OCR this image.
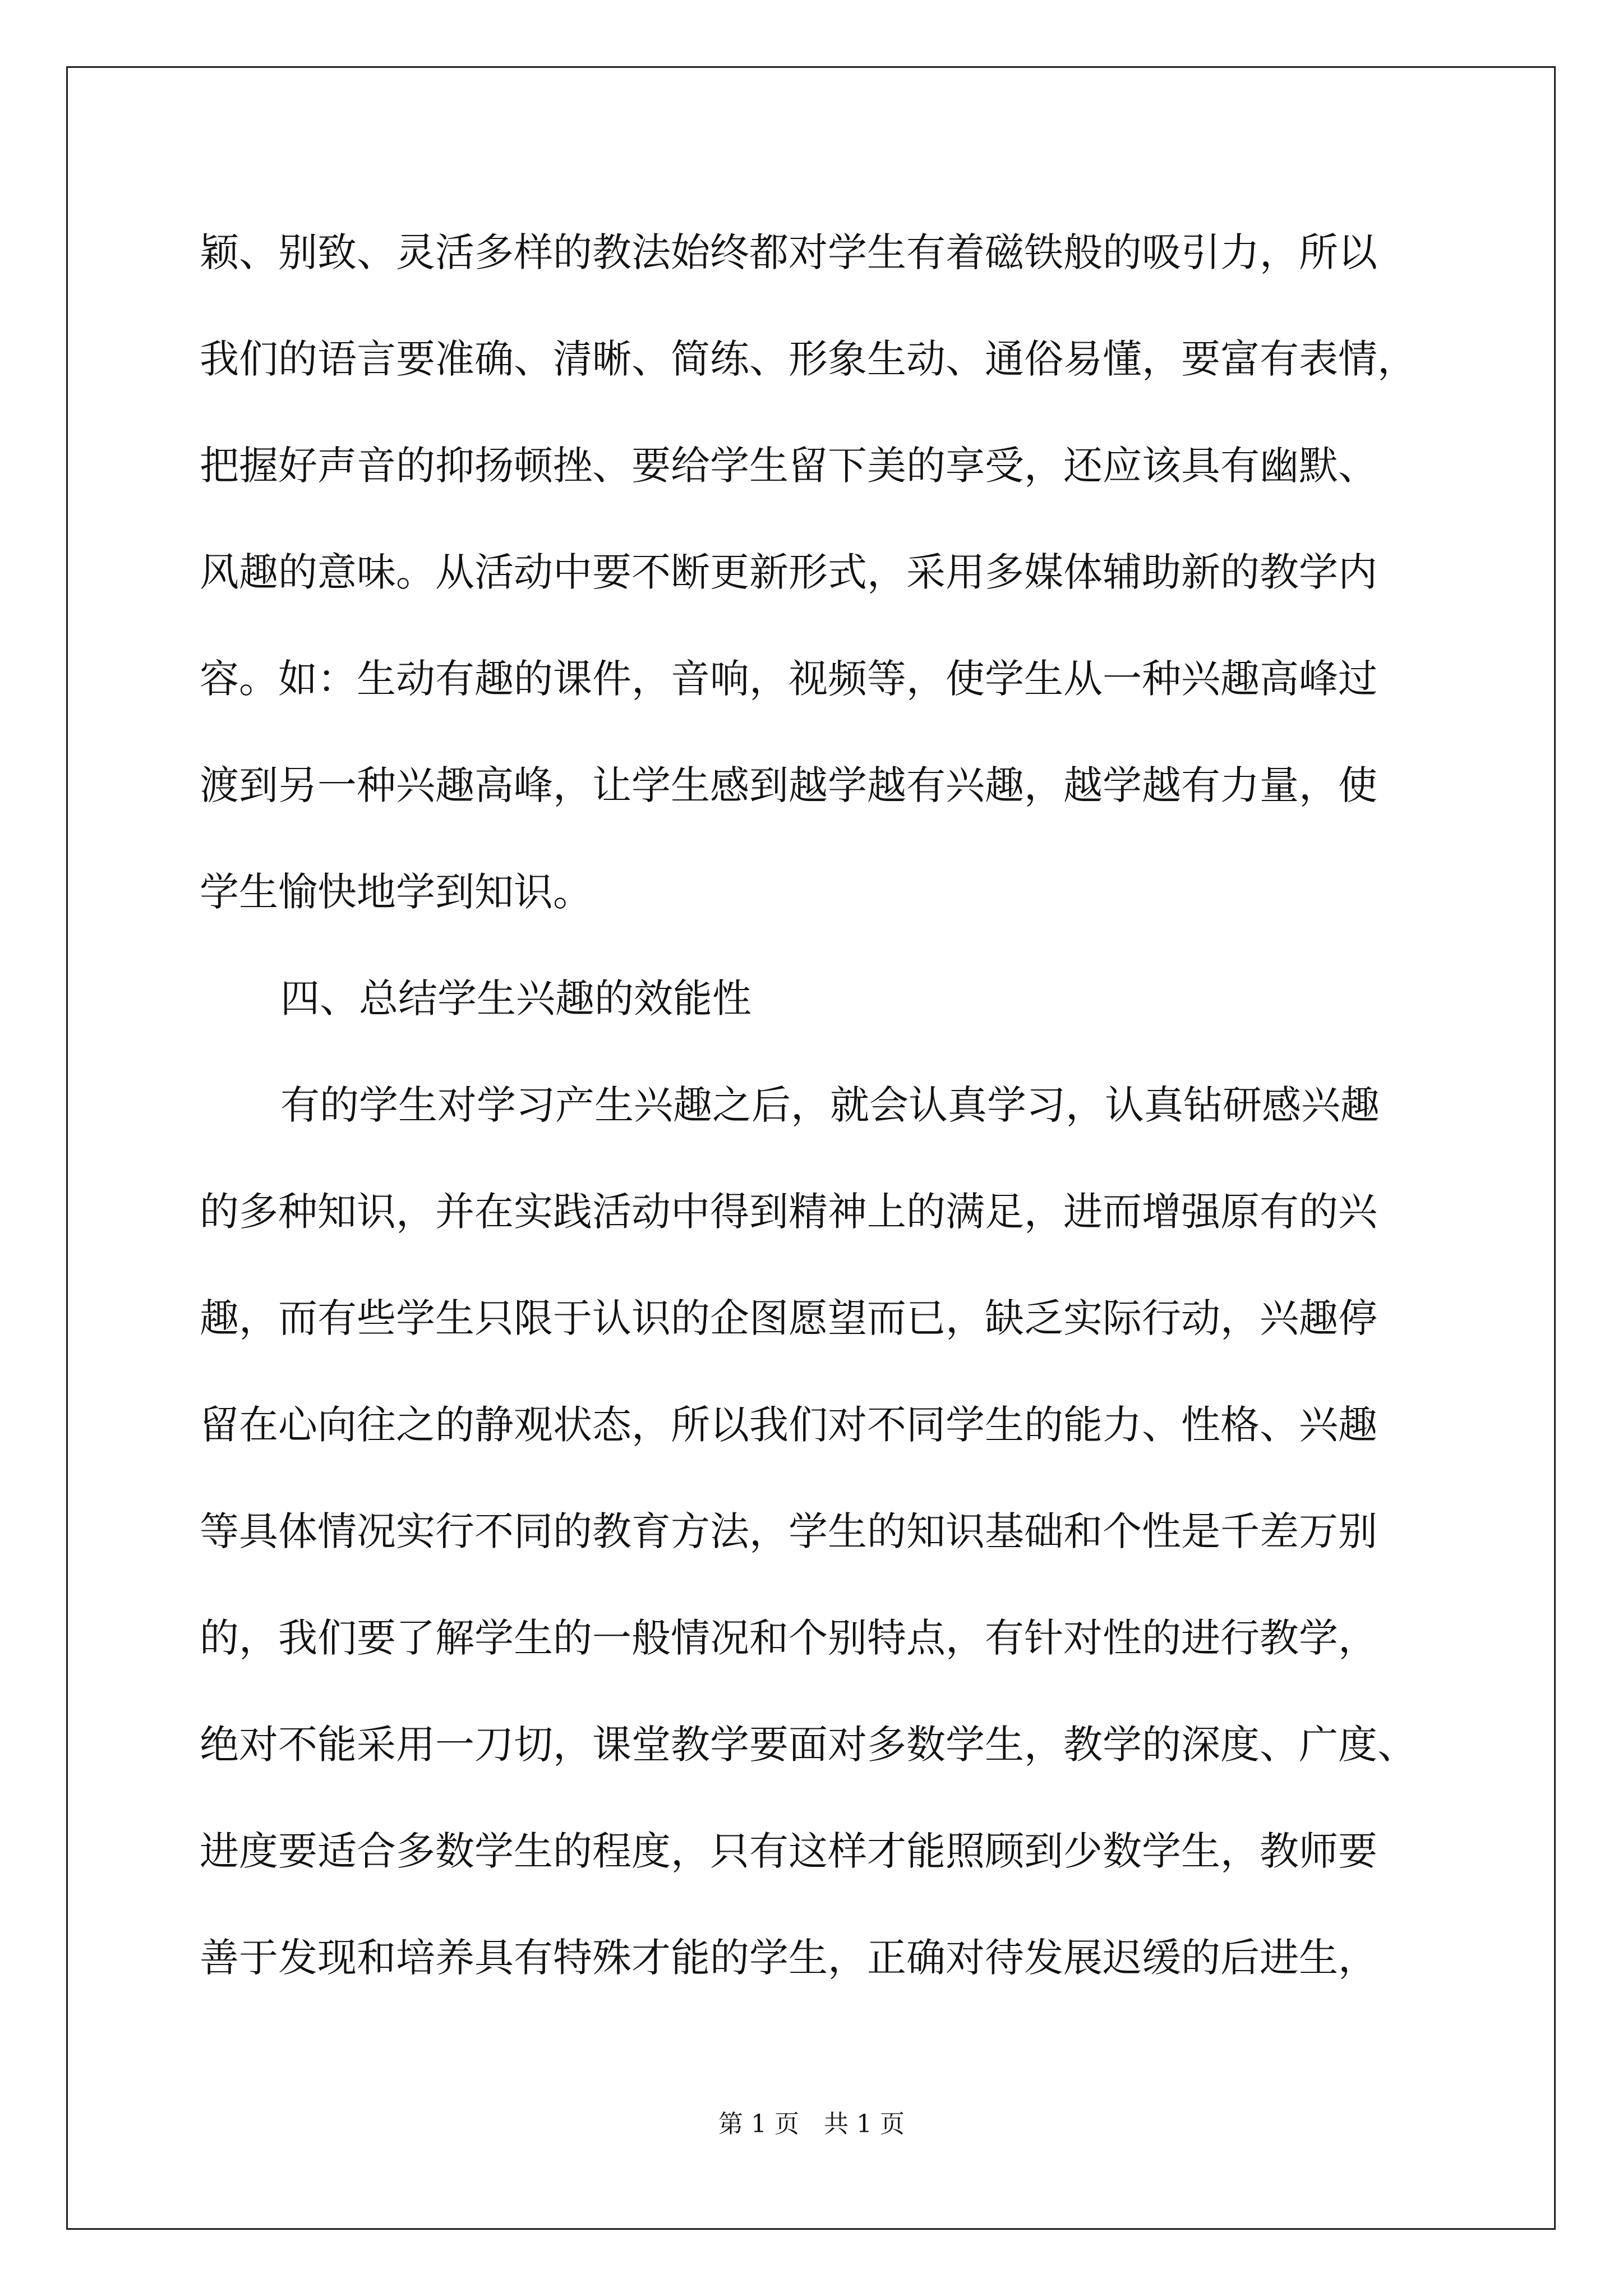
颖、别致、灵活多样的教法始终都对学生有着磁铁般的吸引力，所以
我们的语言要准确、清晰、简练、形象生动、通俗易懂，要富有表情，
把握好声音的抑扬顿挫、要给学生留下美的享受，还应该具有幽默、
风趣的意味。从活动中要不断更新形式，采用多媒体辅助新的教学内
容。如：生动有趣的课件，音响，视频等，使学生从一种兴趣高峰过
渡到另一种兴趣高峰，让学生感到越学越有兴趣，越学越有力量，使
学生愉快地学到知识。
四、总结学生兴趣的效能性
有的学生对学习产生兴趣之后，就会认真学习，认真钻研感兴趣
的多种知识，并在实践活动中得到精神上的满足，进而增强原有的兴
趣，而有些学生只限于认识的企图愿望而已，缺乏实际行动，兴趣停
留在心向往之的静观状态，所以我们对不同学生的能力、性格、兴趣
等具体情况实行不同的教育方法，学生的知识基础和个性是千差万别
的，我们要了解学生的一般情况和个别特点，有针对性的进行教学，
绝对不能采用一刀切，课堂教学要面对多数学生，教学的深度、广度、
进度要适合多数学生的程度，只有这样才能照顾到少数学生，教师要
善于发现和培养具有特殊才能的学生，正确对待发展迟缓的后进生，
第 1 页　共 1 页
